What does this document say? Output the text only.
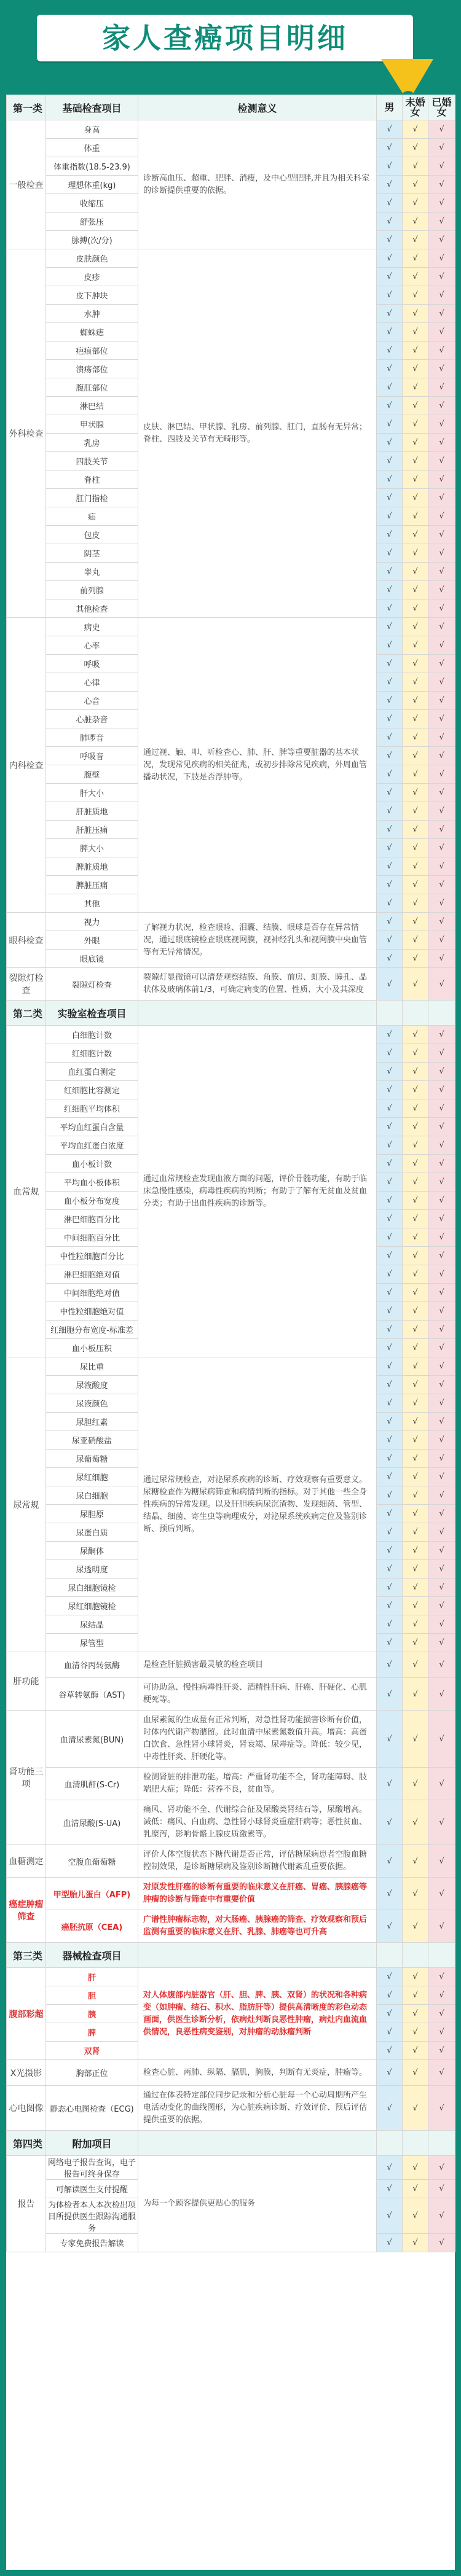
家人查癌项目明细
第一类	基础检查项目	检测意义	男	未婚女	已婚女
一般检查	身高	诊断高血压、超重、肥胖、消瘦，及中心型肥胖,并且为相关科室的诊断提供重要的依据。	√	√	√
	体重		√	√	√
	体重指数(18.5-23.9)		√	√	√
	理想体重(kg)		√	√	√
	收缩压		√	√	√
	舒张压		√	√	√
	脉搏(次/分)		√	√	√
外科检查	皮肤颜色	皮肤、淋巴结、甲状腺、乳房、前列腺、肛门，直肠有无异常；脊柱、四肢及关节有无畸形等。	√	√	√
	皮疹		√	√	√
	皮下肿块		√	√	√
	水肿		√	√	√
	蜘蛛痣		√	√	√
	疤痕部位		√	√	√
	溃疡部位		√	√	√
	腹肛部位		√	√	√
	淋巴结		√	√	√
	甲状腺		√	√	√
	乳房		√	√	√
	四肢关节		√	√	√
	脊柱		√	√	√
	肛门指检		√	√	√
	疝		√	√	√
	包皮		√	√	√
	阴茎		√	√	√
	睾丸		√	√	√
	前列腺		√	√	√
	其他检查		√	√	√
内科检查	病史	通过视、触、叩、听检查心、肺、肝、脾等重要脏器的基本状况，发现常见疾病的相关征兆，或初步排除常见疾病，外周血管播动状况，下肢是否浮肿等。	√	√	√
	心率		√	√	√
	呼吸		√	√	√
	心律		√	√	√
	心音		√	√	√
	心脏杂音		√	√	√
	肺啰音		√	√	√
	呼吸音		√	√	√
	腹壁		√	√	√
	肝大小		√	√	√
	肝脏质地		√	√	√
	肝脏压痛		√	√	√
	脾大小		√	√	√
	脾脏质地		√	√	√
	脾脏压痛		√	√	√
	其他		√	√	√
眼科检查	视力	了解视力状况，检查眼睑、泪囊、结膜、眼球是否存在异常情况，通过眼底镜检查眼底视网膜，视神经乳头和视网膜中央血管等有无异常情况。	√	√	√
	外眼		√	√	√
	眼底镜		√	√	√
裂隙灯检查	裂隙灯检查	裂隙灯显微镜可以清楚观察结膜、角膜、前房、虹膜、瞳孔、晶状体及玻璃体前1/3，可确定病变的位置、性质、大小及其深度	√	√	√
第二类	实验室检查项目				
血常规	白细胞计数	通过血常规检查发现血液方面的问题，评价骨髓功能，有助于临床急慢性感染，病毒性疾病的判断；有助于了解有无贫血及贫血分类；有助于出血性疾病的诊断等。	√	√	√
	红细胞计数		√	√	√
	血红蛋白测定		√	√	√
	红细胞比容测定		√	√	√
	红细胞平均体积		√	√	√
	平均血红蛋白含量		√	√	√
	平均血红蛋白浓度		√	√	√
	血小板计数		√	√	√
	平均血小板体积		√	√	√
	血小板分布宽度		√	√	√
	淋巴细胞百分比		√	√	√
	中间细胞百分比		√	√	√
	中性粒细胞百分比		√	√	√
	淋巴细胞绝对值		√	√	√
	中间细胞绝对值		√	√	√
	中性粒细胞绝对值		√	√	√
	红细胞分布宽度-标准差		√	√	√
	血小板压积		√	√	√
尿常规	尿比重	通过尿常规检查，对泌尿系疾病的诊断、疗效观察有重要意义。尿糖检查作为糖尿病筛查和病情判断的指标。对于其他一些全身性疾病的异常发现。以及肝胆疾病尿沉渣物、发现细菌、管型、结晶、细菌、寄生虫等病理成分，对泌尿系统疾病定位及鉴别诊断、预后判断。	√	√	√
	尿液酸度		√	√	√
	尿液颜色		√	√	√
	尿胆红素		√	√	√
	尿亚硝酸盐		√	√	√
	尿葡萄糖		√	√	√
	尿红细胞		√	√	√
	尿白细胞		√	√	√
	尿胆原		√	√	√
	尿蛋白质		√	√	√
	尿酮体		√	√	√
	尿透明度		√	√	√
	尿白细胞镜检		√	√	√
	尿红细胞镜检		√	√	√
	尿结晶		√	√	√
	尿管型		√	√	√
肝功能	血清谷丙转氨酶	是检查肝脏损害最灵敏的检查项目	√	√	√
	谷草转氨酶（AST)	可协助急、慢性病毒性肝炎、酒精性肝病、肝癌、肝硬化、心肌梗死等。	√	√	√
肾功能三项	血清尿素氮(BUN)	血尿素氮的生成量有正常判断，对急性肾功能损害诊断有价值，时体内代谢产物潴留。此时血清中尿素氮数值升高。增高：高蛋白饮食、急性肾小球肾炎，肾衰竭、尿毒症等。降低：较少见，中毒性肝炎、肝硬化等。	√	√	√
	血清肌酐(S-Cr)	检测肾脏的排泄功能。增高：严重肾功能不全，肾功能障碍、肢端肥大症；降低：营养不良，贫血等。	√	√	√
	血清尿酸(S-UA)	痛风、肾功能不全、代谢综合征及尿酸类肾结石等，尿酸增高。减低：痛风、白血病、急性肾小球肾炎重症肝病等；恶性贫血、乳糜泻，影响骨骼上腺皮质激素等。	√	√	√
血糖测定	空腹血葡萄糖	评价人体空腹状态下糖代谢是否正常，评估糖尿病患者空腹血糖控制效果，是诊断糖尿病及鉴别诊断糖代谢紊乱重要依据。	√	√	√
癌症肿瘤筛查	甲型胎儿蛋白（AFP)	对原发性肝癌的诊断有重要的临床意义在肝癌、胃癌、胰腺癌等肿瘤的诊断与筛查中有重要价值	√	√	√
	癌胚抗原（CEA)	广谱性肿瘤标志物，对大肠癌、胰腺癌的筛查、疗效观察和预后监测有重要的临床意义在肝、乳腺、肺癌等也可升高	√	√	√
第三类	器械检查项目				
腹部彩超	肝	对人体腹部内脏器官（肝、胆、脾、胰、双肾）的状况和各种病变（如肿瘤、结石、积水、脂肪肝等）提供高清晰度的彩色动态画面，供医生诊断分析，依病灶判断良恶性肿瘤，病灶内血流血供情况，良恶性病变鉴别，对肿瘤的动脉瘤判断	√	√	√
	胆		√	√	√
	胰		√	√	√
	脾		√	√	√
	双肾		√	√	√
X光摄影	胸部正位	检查心脏、两肺、纵隔、膈肌，胸膜，判断有无炎症，肿瘤等。	√	√	√
心电图像	静态心电图检查（ECG)	通过在体表特定部位同步记录和分析心脏每一个心动周期所产生电活动变化的曲线图形，为心脏疾病诊断、疗效评价、预后评估提供重要的依据。	√	√	√
第四类	附加项目				
报告	网络电子报告查询，电子报告可终身保存	为每一个顾客提供更贴心的服务	√	√	√
	可解读医生支付提醒		√	√	√
	为体检者本人本次检出项目所提供医生跟踪沟通服务		√	√	√
	专家免费报告解读		√	√	√
